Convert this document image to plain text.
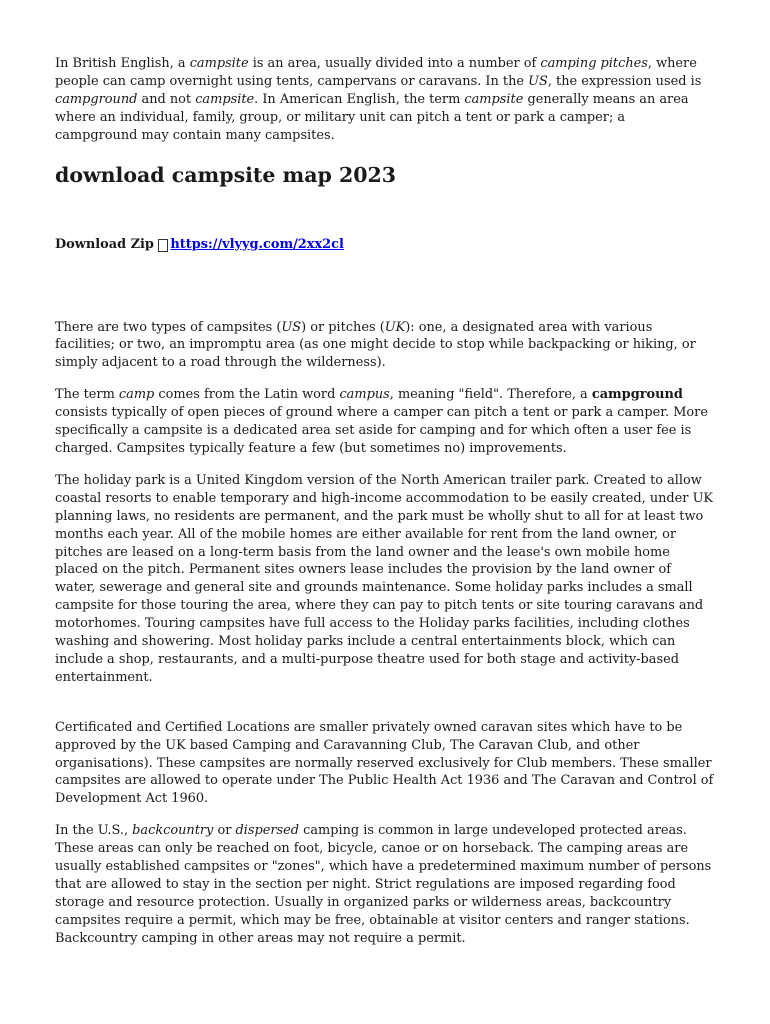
In British English, a campsite is an area, usually divided into a number of camping pitches, where people can camp overnight using tents, campervans or caravans. In the US, the expression used is campground and not campsite. In American English, the term campsite generally means an area where an individual, family, group, or military unit can pitch a tent or park a camper; a campground may contain many campsites.

download campsite map 2023
Download Zip https://vlyyg.com/2xx2cl

There are two types of campsites (US) or pitches (UK): one, a designated area with various facilities; or two, an impromptu area (as one might decide to stop while backpacking or hiking, or simply adjacent to a road through the wilderness).

The term camp comes from the Latin word campus, meaning "field". Therefore, a campground consists typically of open pieces of ground where a camper can pitch a tent or park a camper. More specifically a campsite is a dedicated area set aside for camping and for which often a user fee is charged. Campsites typically feature a few (but sometimes no) improvements.

The holiday park is a United Kingdom version of the North American trailer park. Created to allow coastal resorts to enable temporary and high-income accommodation to be easily created, under UK planning laws, no residents are permanent, and the park must be wholly shut to all for at least two months each year. All of the mobile homes are either available for rent from the land owner, or pitches are leased on a long-term basis from the land owner and the lease's own mobile home placed on the pitch. Permanent sites owners lease includes the provision by the land owner of water, sewerage and general site and grounds maintenance. Some holiday parks includes a small campsite for those touring the area, where they can pay to pitch tents or site touring caravans and motorhomes. Touring campsites have full access to the Holiday parks facilities, including clothes washing and showering. Most holiday parks include a central entertainments block, which can include a shop, restaurants, and a multi-purpose theatre used for both stage and activity-based entertainment.

Certificated and Certified Locations are smaller privately owned caravan sites which have to be approved by the UK based Camping and Caravanning Club, The Caravan Club, and other organisations). These campsites are normally reserved exclusively for Club members. These smaller campsites are allowed to operate under The Public Health Act 1936 and The Caravan and Control of Development Act 1960.

In the U.S., backcountry or dispersed camping is common in large undeveloped protected areas. These areas can only be reached on foot, bicycle, canoe or on horseback. The camping areas are usually established campsites or "zones", which have a predetermined maximum number of persons that are allowed to stay in the section per night. Strict regulations are imposed regarding food storage and resource protection. Usually in organized parks or wilderness areas, backcountry campsites require a permit, which may be free, obtainable at visitor centers and ranger stations. Backcountry camping in other areas may not require a permit.
